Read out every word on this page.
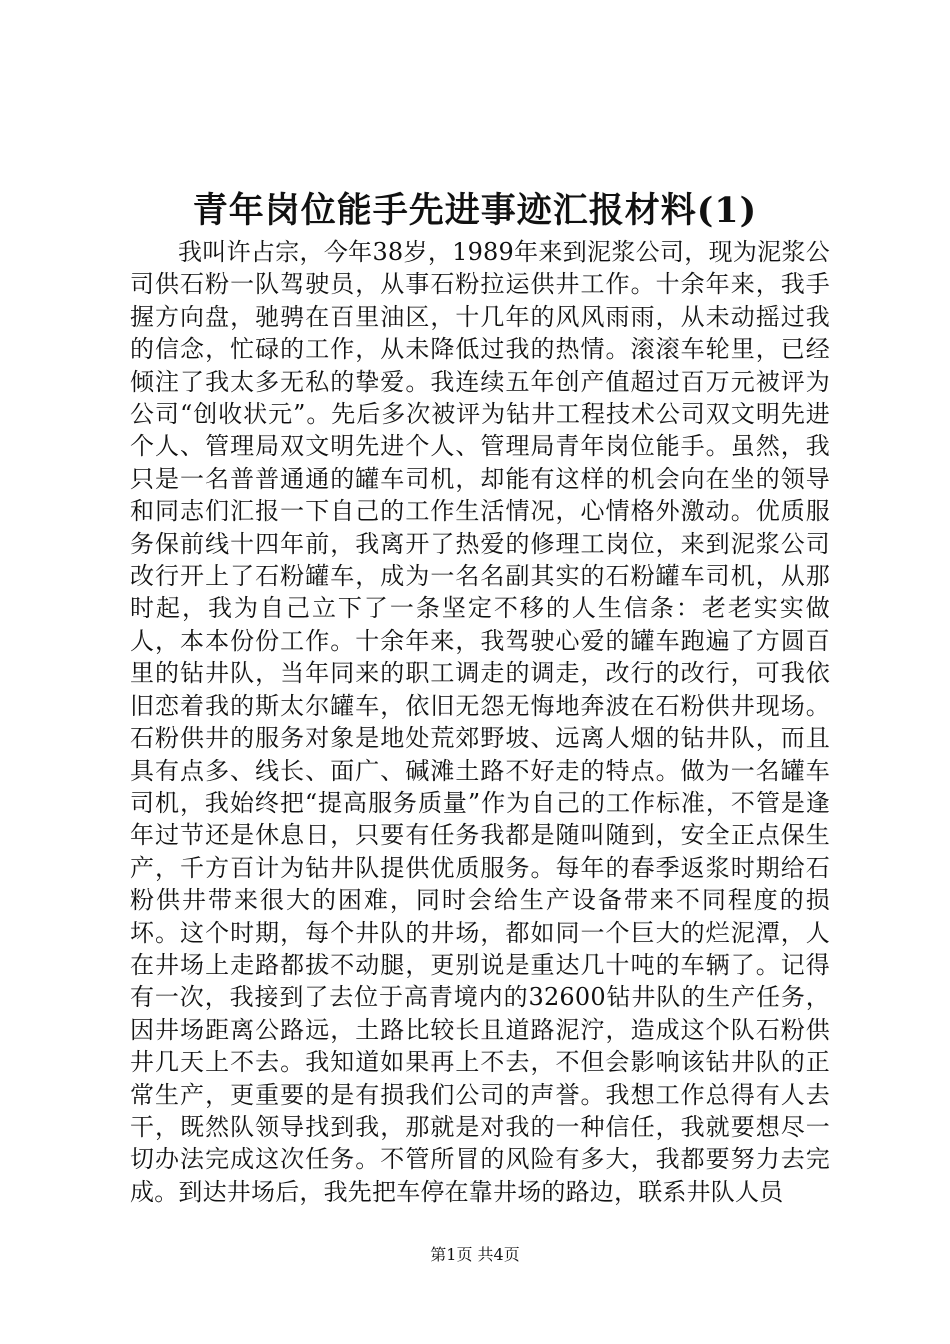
青年岗位能手先进事迹汇报材料(1)

我叫许占宗，今年38岁，1989年来到泥浆公司，现为泥浆公司供石粉一队驾驶员，从事石粉拉运供井工作。十余年来，我手握方向盘，驰骋在百里油区，十几年的风风雨雨，从未动摇过我的信念，忙碌的工作，从未降低过我的热情。滚滚车轮里，已经倾注了我太多无私的挚爱。我连续五年创产值超过百万元被评为公司“创收状元”。先后多次被评为钻井工程技术公司双文明先进个人、管理局双文明先进个人、管理局青年岗位能手。虽然，我只是一名普普通通的罐车司机，却能有这样的机会向在坐的领导和同志们汇报一下自己的工作生活情况，心情格外激动。优质服务保前线十四年前，我离开了热爱的修理工岗位，来到泥浆公司改行开上了石粉罐车，成为一名名副其实的石粉罐车司机，从那时起，我为自己立下了一条坚定不移的人生信条：老老实实做人，本本份份工作。十余年来，我驾驶心爱的罐车跑遍了方圆百里的钻井队，当年同来的职工调走的调走，改行的改行，可我依旧恋着我的斯太尔罐车，依旧无怨无悔地奔波在石粉供井现场。石粉供井的服务对象是地处荒郊野坡、远离人烟的钻井队，而且具有点多、线长、面广、碱滩土路不好走的特点。做为一名罐车司机，我始终把“提高服务质量”作为自己的工作标准，不管是逢年过节还是休息日，只要有任务我都是随叫随到，安全正点保生产，千方百计为钻井队提供优质服务。每年的春季返浆时期给石粉供井带来很大的困难，同时会给生产设备带来不同程度的损坏。这个时期，每个井队的井场，都如同一个巨大的烂泥潭，人在井场上走路都拔不动腿，更别说是重达几十吨的车辆了。记得有一次，我接到了去位于高青境内的32600钻井队的生产任务，因井场距离公路远，土路比较长且道路泥泞，造成这个队石粉供井几天上不去。我知道如果再上不去，不但会影响该钻井队的正常生产，更重要的是有损我们公司的声誉。我想工作总得有人去干，既然队领导找到我，那就是对我的一种信任，我就要想尽一切办法完成这次任务。不管所冒的风险有多大，我都要努力去完成。到达井场后，我先把车停在靠井场的路边，联系井队人员

第1页 共4页
